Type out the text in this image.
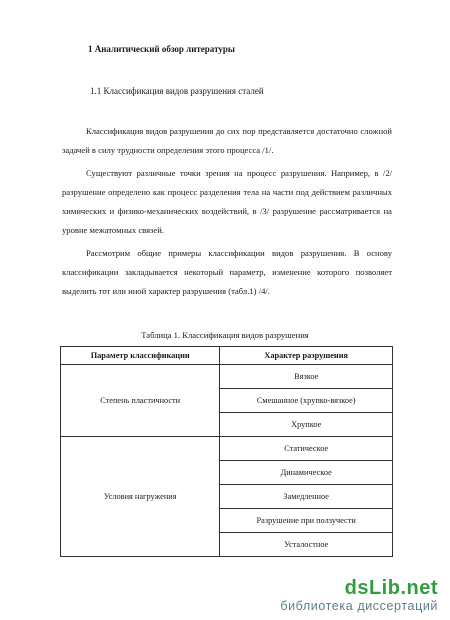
1 Аналитический обзор литературы
1.1 Классификация видов разрушения сталей
Классификация видов разрушения до сих пор представляется достаточно сложной
задачей в силу трудности определения этого процесса /1/.
Существуют различные точки зрения на процесс разрушения. Например, в /2/
разрушение определено как процесс разделения тела на части под действием различных
химических и физико-механических воздействий, в /3/ разрушение рассматривается на
уровне межатомных связей.
Рассмотрим общие примеры классификации видов разрушения. В основу
классификации закладывается некоторый параметр, изменение которого позволяет
выделить тот или иной характер разрушения (табл.1) /4/.
Таблица 1. Классификация видов разрушения
Параметр классификации	Характер разрушения
Степень пластичности	Вязкое
	Смешанное (хрупко-вязкое)
	Хрупкое
Условия нагружения	Статическое
	Динамическое
	Замедленное
	Разрушение при ползучести
	Усталостное
dsLib.net
библиотека диссертаций
